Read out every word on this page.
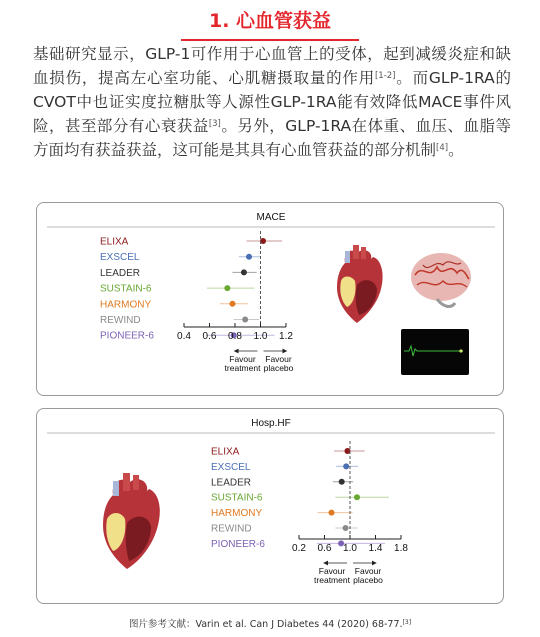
1. 心血管获益

基础研究显示，GLP-1可作用于心血管上的受体，起到减缓炎症和缺血损伤，提高左心室功能、心肌糖摄取量的作用[1-2]。而GLP-1RA的CVOT中也证实度拉糖肽等人源性GLP-1RA能有效降低MACE事件风险，甚至部分有心衰获益[3]。另外，GLP-1RA在体重、血压、血脂等方面均有获益获益，这可能是其具有心血管获益的部分机制[4]。

MACE
ELIXA
EXSCEL
LEADER
SUSTAIN-6
HARMONY
REWIND
PIONEER-6 0.4 0.6 0.8 1.0 1.2
Favour
treatment
Favour
placebo
Hosp.HF
ELIXA
EXSCEL
LEADER
SUSTAIN-6
HARMONY
REWIND
PIONEER-6	0.2 0.6 1.0 1.4 1.8
Favour
treatment
Favour
placebo
图片参考文献：Varin et al. Can J Diabetes 44 (2020) 68-77.[3]
